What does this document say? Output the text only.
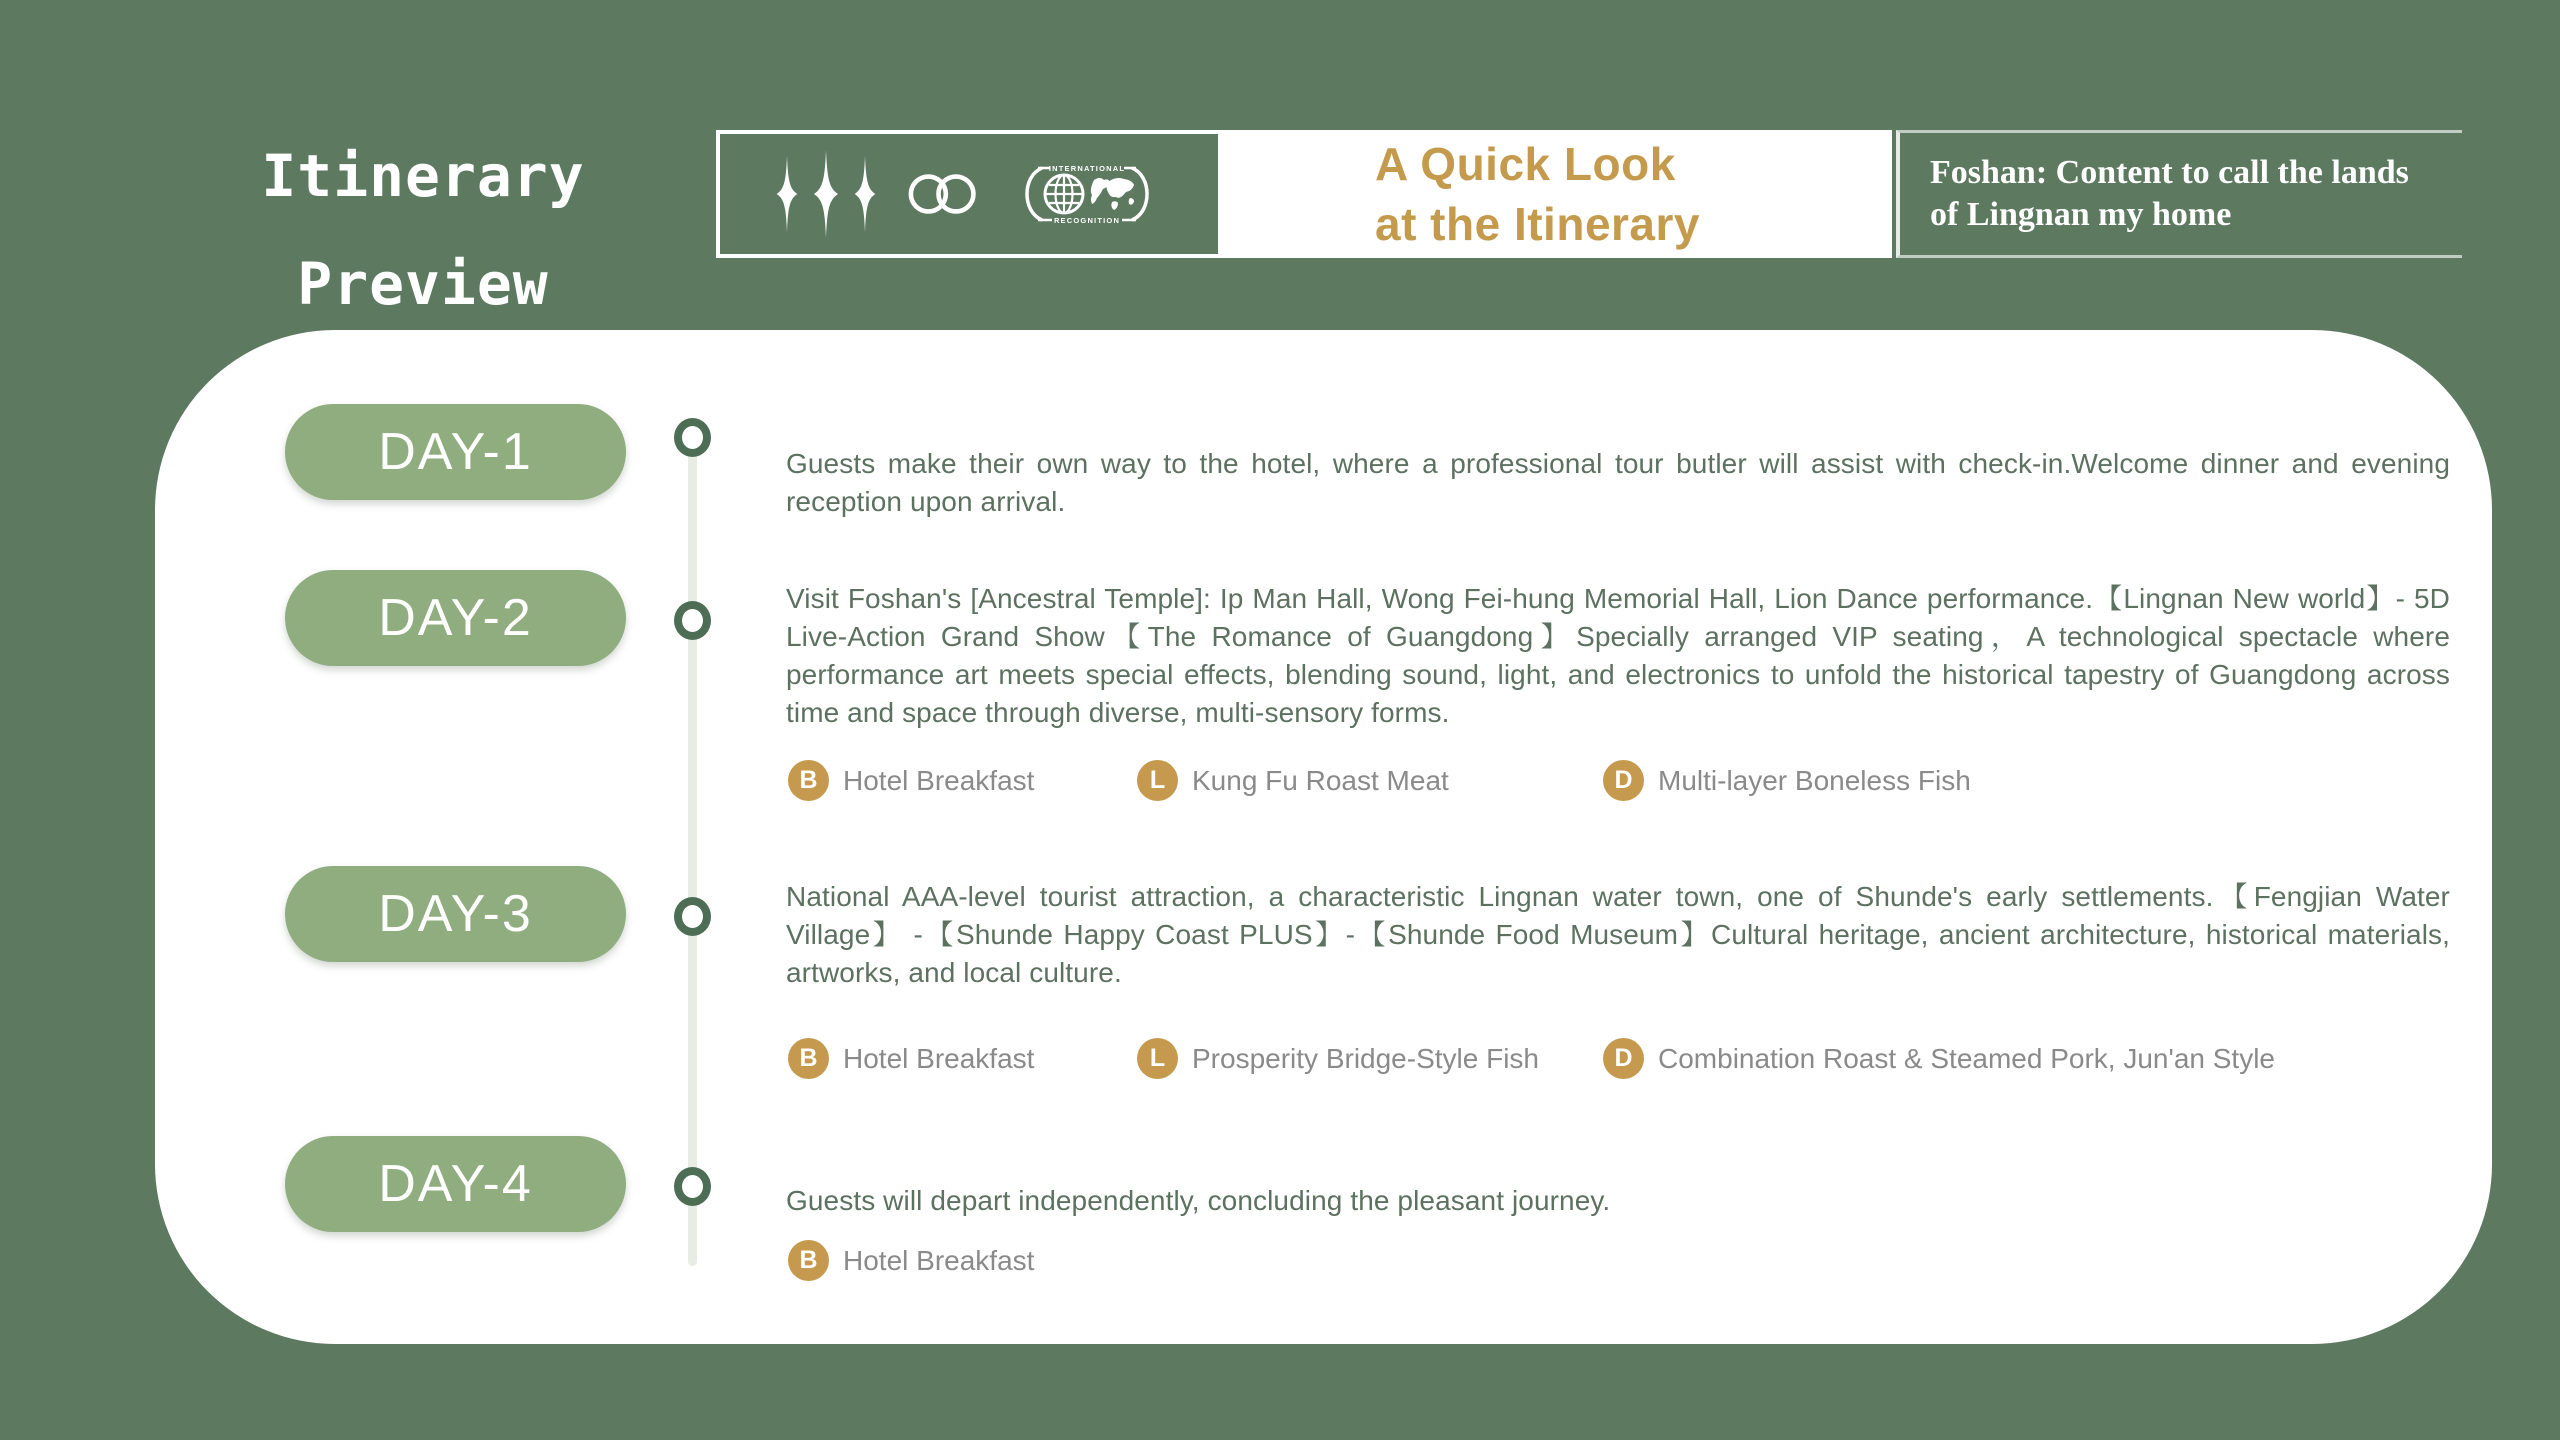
Itinerary
Preview
INTERNATIONAL
RECOGNITION
A Quick Look
at the Itinerary
Foshan: Content to call the lands of Lingnan my home
DAY-1	Guests make their own way to the hotel, where a professional tour butler will assist with check-in.Welcome dinner and evening reception upon arrival.
DAY-2	Visit Foshan's [Ancestral Temple]: Ip Man Hall, Wong Fei-hung Memorial Hall, Lion Dance performance.【Lingnan New world】- 5D Live-Action Grand Show【The Romance of Guangdong】Specially arranged VIP seating，A technological spectacle where performance art meets special effects, blending sound, light, and electronics to unfold the historical tapestry of Guangdong across time and space through diverse, multi-sensory forms.
B Hotel Breakfast	L Kung Fu Roast Meat	D Multi-layer Boneless Fish
DAY-3	National AAA-level tourist attraction, a characteristic Lingnan water town, one of Shunde's early settlements.【Fengjian Water Village】 -【Shunde Happy Coast PLUS】-【Shunde Food Museum】Cultural heritage, ancient architecture, historical materials, artworks, and local culture.
B Hotel Breakfast	L Prosperity Bridge-Style Fish	D Combination Roast & Steamed Pork, Jun'an Style
DAY-4	Guests will depart independently, concluding the pleasant journey.
B Hotel Breakfast
